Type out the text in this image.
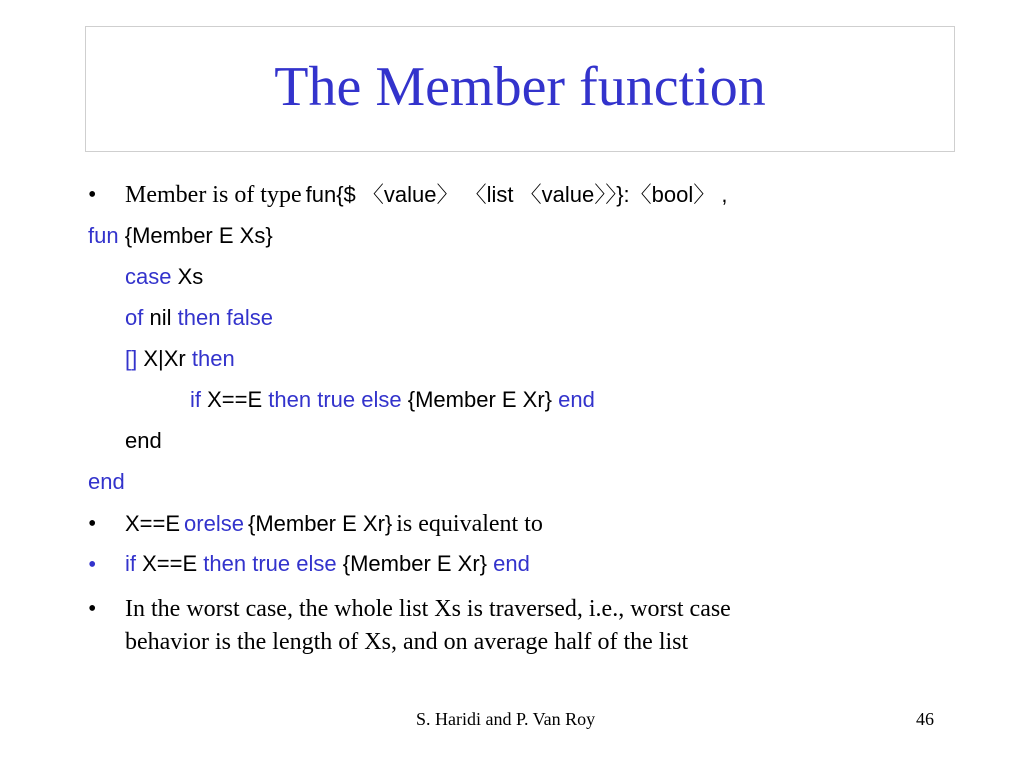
The Member function
• Member is of type fun{$ 〈value〉 〈list 〈value〉〉}:〈bool〉 ,
fun {Member E Xs}
case Xs
of nil then false
[] X|Xr then
if X==E then true else {Member E Xr} end
end
end
• X==E orelse {Member E Xr} is equivalent to
• if X==E then true else {Member E Xr} end
• In the worst case, the whole list Xs is traversed, i.e., worst case
behavior is the length of Xs, and on average half of the list
S. Haridi and P. Van Roy	46
